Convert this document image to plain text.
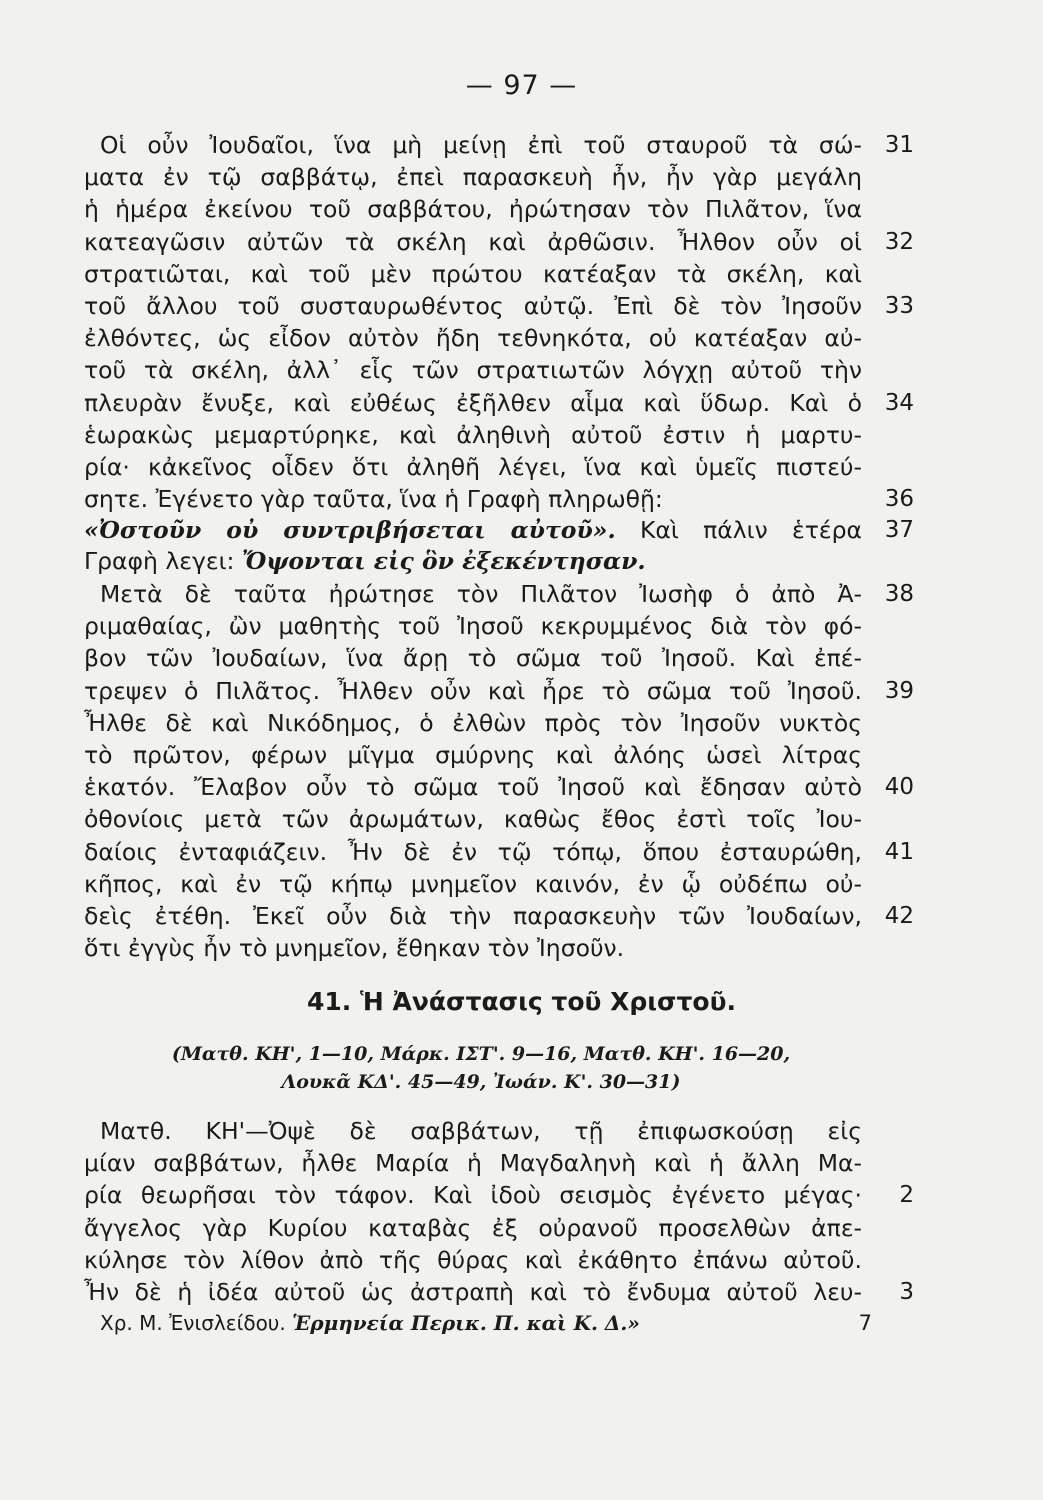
— 97 —
Οἱ οὖν Ἰουδαῖοι, ἵνα μὴ μείνῃ ἐπὶ τοῦ σταυροῦ τὰ σώ- 31
ματα ἐν τῷ σαββάτῳ, ἐπεὶ παρασκευὴ ἦν, ἦν γὰρ μεγάλη
ἡ ἡμέρα ἐκείνου τοῦ σαββάτου, ἠρώτησαν τὸν Πιλᾶτον, ἵνα
κατεαγῶσιν αὐτῶν τὰ σκέλη καὶ ἀρθῶσιν. Ἦλθον οὖν οἱ 32
στρατιῶται, καὶ τοῦ μὲν πρώτου κατέαξαν τὰ σκέλη, καὶ
τοῦ ἄλλου τοῦ συσταυρωθέντος αὐτῷ. Ἐπὶ δὲ τὸν Ἰησοῦν 33
ἐλθόντες, ὡς εἶδον αὐτὸν ἤδη τεθνηκότα, οὐ κατέαξαν αὐ-
τοῦ τὰ σκέλη, ἀλλ᾿ εἷς τῶν στρατιωτῶν λόγχῃ αὐτοῦ τὴν
πλευρὰν ἔνυξε, καὶ εὐθέως ἐξῆλθεν αἷμα καὶ ὕδωρ. Καὶ ὁ 34
ἑωρακὼς μεμαρτύρηκε, καὶ ἀληθινὴ αὐτοῦ ἐστιν ἡ μαρτυ-
ρία· κἀκεῖνος οἶδεν ὅτι ἀληθῆ λέγει, ἵνα καὶ ὑμεῖς πιστεύ-
σητε. Ἐγένετο γὰρ ταῦτα, ἵνα ἡ Γραφὴ πληρωθῇ:	36
«Ὀστοῦν οὐ συντριβήσεται αὐτοῦ». Καὶ πάλιν ἑτέρα 37
Γραφὴ λεγει: Ὄψονται εἰς ὃν ἐξεκέντησαν.
Μετὰ δὲ ταῦτα ἠρώτησε τὸν Πιλᾶτον Ἰωσὴφ ὁ ἀπὸ Ἀ- 38
ριμαθαίας, ὢν μαθητὴς τοῦ Ἰησοῦ κεκρυμμένος διὰ τὸν φό-
βον τῶν Ἰουδαίων, ἵνα ἄρῃ τὸ σῶμα τοῦ Ἰησοῦ. Καὶ ἐπέ-
τρεψεν ὁ Πιλᾶτος. Ἦλθεν οὖν καὶ ἦρε τὸ σῶμα τοῦ Ἰησοῦ. 39
Ἦλθε δὲ καὶ Νικόδημος, ὁ ἐλθὼν πρὸς τὸν Ἰησοῦν νυκτὸς
τὸ πρῶτον, φέρων μῖγμα σμύρνης καὶ ἀλόης ὡσεὶ λίτρας
ἑκατόν. Ἔλαβον οὖν τὸ σῶμα τοῦ Ἰησοῦ καὶ ἔδησαν αὐτὸ 40
ὀθονίοις μετὰ τῶν ἀρωμάτων, καθὼς ἔθος ἐστὶ τοῖς Ἰου-
δαίοις ἐνταφιάζειν. Ἦν δὲ ἐν τῷ τόπῳ, ὅπου ἐσταυρώθη, 41
κῆπος, καὶ ἐν τῷ κήπῳ μνημεῖον καινόν, ἐν ᾧ οὐδέπω οὐ-
δεὶς ἐτέθη. Ἐκεῖ οὖν διὰ τὴν παρασκευὴν τῶν Ἰουδαίων, 42
ὅτι ἐγγὺς ἦν τὸ μνημεῖον, ἔθηκαν τὸν Ἰησοῦν.
41. Ἡ Ἀνάστασις τοῦ Χριστοῦ.
(Ματθ. ΚΗ', 1—10, Μάρκ. ΙΣΤ'. 9—16, Ματθ. ΚΗ'. 16—20,
Λουκᾶ ΚΔ'. 45—49, Ἰωάν. Κ'. 30—31)
Ματθ. ΚΗ'—Ὀψὲ δὲ σαββάτων, τῇ ἐπιφωσκούσῃ εἰς
μίαν σαββάτων, ἦλθε Μαρία ἡ Μαγδαληνὴ καὶ ἡ ἄλλη Μα-
ρία θεωρῆσαι τὸν τάφον. Καὶ ἰδοὺ σεισμὸς ἐγένετο μέγας·	2
ἄγγελος γὰρ Κυρίου καταβὰς ἐξ οὐρανοῦ προσελθὼν ἀπε-
κύλησε τὸν λίθον ἀπὸ τῆς θύρας καὶ ἐκάθητο ἐπάνω αὐτοῦ.
Ἦν δὲ ἡ ἰδέα αὐτοῦ ὡς ἀστραπὴ καὶ τὸ ἔνδυμα αὐτοῦ λευ-	3
Χρ. Μ. Ἐνισλείδου. Ἑρμηνεία Περικ. Π. καὶ Κ. Δ.»	7
